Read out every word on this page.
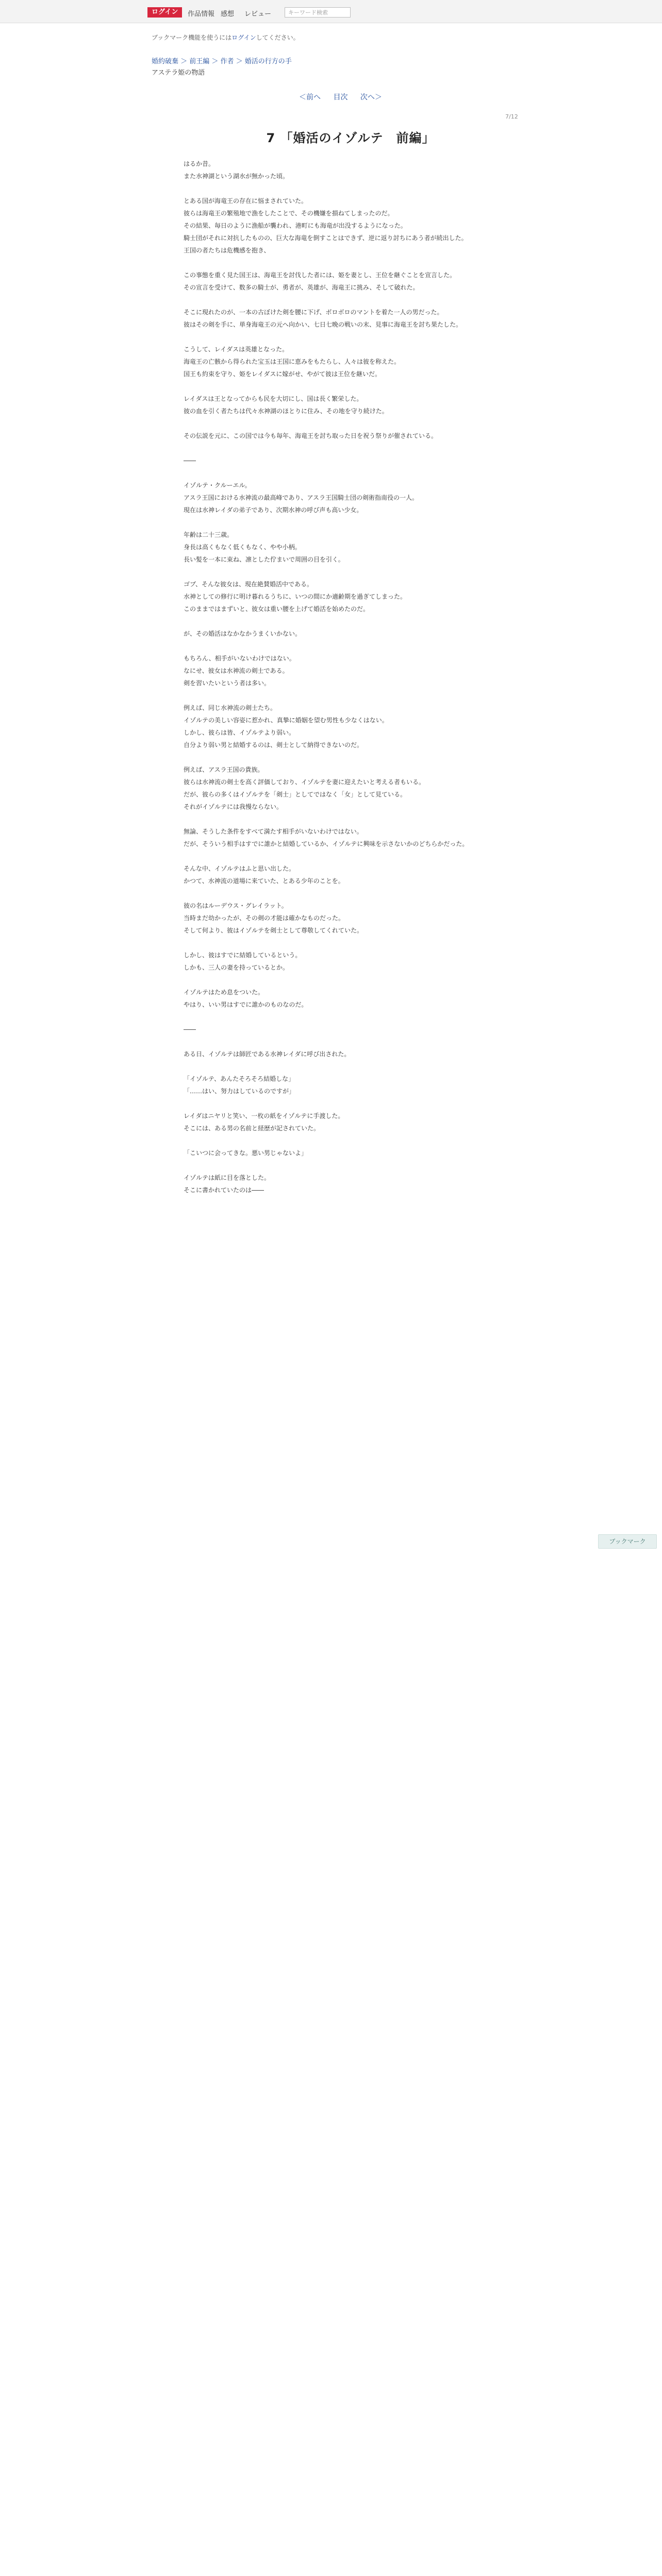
ログイン	作品情報 感想 レビュー	キーワード検索
ブックマーク機能を使うにはログインしてください。
婚約破棄 ＞ 前王編 ＞ 作者 ＞ 婚活の行方の手
アステラ姫の物語
＜前へ 目次 次へ＞
7/12
7 「婚活のイゾルテ　前編」

はるか昔。

また水神湖という湖水が無かった頃。

とある国が海竜王の存在に悩まされていた。

彼らは海竜王の繁殖地で漁をしたことで、その機嫌を損ねてしまったのだ。

その結果、毎日のように漁船が襲われ、港町にも海竜が出没するようになった。

騎士団がそれに対抗したものの、巨大な海竜を倒すことはできず、逆に返り討ちにあう者が続出した。

王国の者たちは危機感を抱き、

この事態を重く見た国王は、海竜王を討伐した者には、姫を妻とし、王位を継ぐことを宣言した。

その宣言を受けて、数多の騎士が、勇者が、英雄が、海竜王に挑み、そして破れた。

そこに現れたのが、一本の古ぼけた剣を腰に下げ、ボロボロのマントを着た一人の男だった。

彼はその剣を手に、単身海竜王の元へ向かい、七日七晩の戦いの末、見事に海竜王を討ち果たした。

こうして、レイダスは英雄となった。

海竜王の亡骸から得られた宝玉は王国に恵みをもたらし、人々は彼を称えた。

国王も約束を守り、姫をレイダスに嫁がせ、やがて彼は王位を継いだ。

レイダスは王となってからも民を大切にし、国は長く繁栄した。

彼の血を引く者たちは代々水神湖のほとりに住み、その地を守り続けた。

その伝説を元に、この国では今も毎年、海竜王を討ち取った日を祝う祭りが催されている。

――

イゾルテ・クルーエル。

アスラ王国における水神流の最高峰であり、アスラ王国騎士団の剣術指南役の一人。

現在は水神レイダの弟子であり、次期水神の呼び声も高い少女。

年齢は二十三歳。

身長は高くもなく低くもなく、やや小柄。

長い髪を一本に束ね、凛とした佇まいで周囲の目を引く。

ゴブ、そんな彼女は、現在絶賛婚活中である。

水神としての修行に明け暮れるうちに、いつの間にか適齢期を過ぎてしまった。

このままではまずいと、彼女は重い腰を上げて婚活を始めたのだ。

が、その婚活はなかなかうまくいかない。

もちろん、相手がいないわけではない。

なにせ、彼女は水神流の剣士である。

剣を習いたいという者は多い。

例えば、同じ水神流の剣士たち。

イゾルテの美しい容姿に惹かれ、真摯に婚姻を望む男性も少なくはない。

しかし、彼らは皆、イゾルテより弱い。

自分より弱い男と結婚するのは、剣士として納得できないのだ。

例えば、アスラ王国の貴族。

彼らは水神流の剣士を高く評価しており、イゾルテを妻に迎えたいと考える者もいる。

だが、彼らの多くはイゾルテを「剣士」としてではなく「女」として見ている。

それがイゾルテには我慢ならない。

無論、そうした条件をすべて満たす相手がいないわけではない。

だが、そういう相手はすでに誰かと結婚しているか、イゾルテに興味を示さないかのどちらかだった。

そんな中、イゾルテはふと思い出した。

かつて、水神流の道場に来ていた、とある少年のことを。

彼の名はルーデウス・グレイラット。

当時まだ幼かったが、その剣の才能は確かなものだった。

そして何より、彼はイゾルテを剣士として尊敬してくれていた。

しかし、彼はすでに結婚しているという。

しかも、三人の妻を持っているとか。

イゾルテはため息をついた。

やはり、いい男はすでに誰かのものなのだ。

――

ある日、イゾルテは師匠である水神レイダに呼び出された。

「イゾルテ、あんたそろそろ結婚しな」

「……はい、努力はしているのですが」

レイダはニヤリと笑い、一枚の紙をイゾルテに手渡した。

そこには、ある男の名前と経歴が記されていた。

「こいつに会ってきな。悪い男じゃないよ」

イゾルテは紙に目を落とした。

そこに書かれていたのは――

ブックマーク
